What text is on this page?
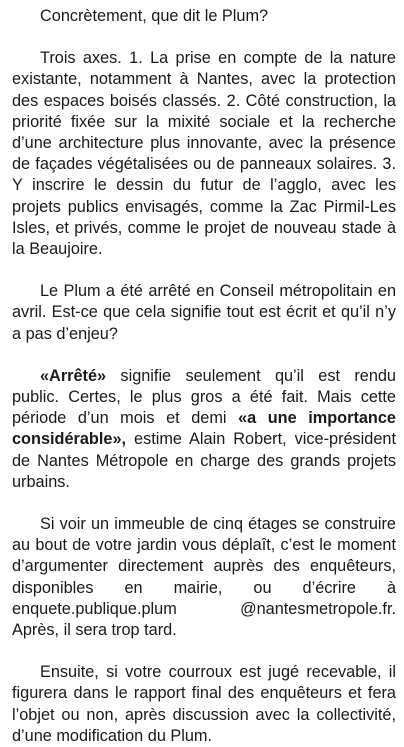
Concrètement, que dit le Plum?

Trois axes. 1. La prise en compte de la nature existante, notamment à Nantes, avec la protection des espaces boisés classés. 2. Côté construction, la priorité fixée sur la mixité sociale et la recherche d’une architecture plus innovante, avec la présence de façades végétalisées ou de panneaux solaires. 3. Y inscrire le dessin du futur de l’agglo, avec les projets publics envisagés, comme la Zac Pirmil-Les Isles, et privés, comme le projet de nouveau stade à la Beaujoire.

Le Plum a été arrêté en Conseil métropolitain en avril. Est-ce que cela signifie tout est écrit et qu’il n’y a pas d’enjeu?

«Arrêté» signifie seulement qu’il est rendu public. Certes, le plus gros a été fait. Mais cette période d’un mois et demi «a une importance considérable», estime Alain Robert, vice-président de Nantes Métropole en charge des grands projets urbains.

Si voir un immeuble de cinq étages se construire au bout de votre jardin vous déplaît, c’est le moment d’argumenter directement auprès des enquêteurs, disponibles en mairie, ou d’écrire à enquete.publique.plum @nantesmetropole.fr. Après, il sera trop tard.

Ensuite, si votre courroux est jugé recevable, il figurera dans le rapport final des enquêteurs et fera l’objet ou non, après discussion avec la collectivité, d’une modification du Plum.
